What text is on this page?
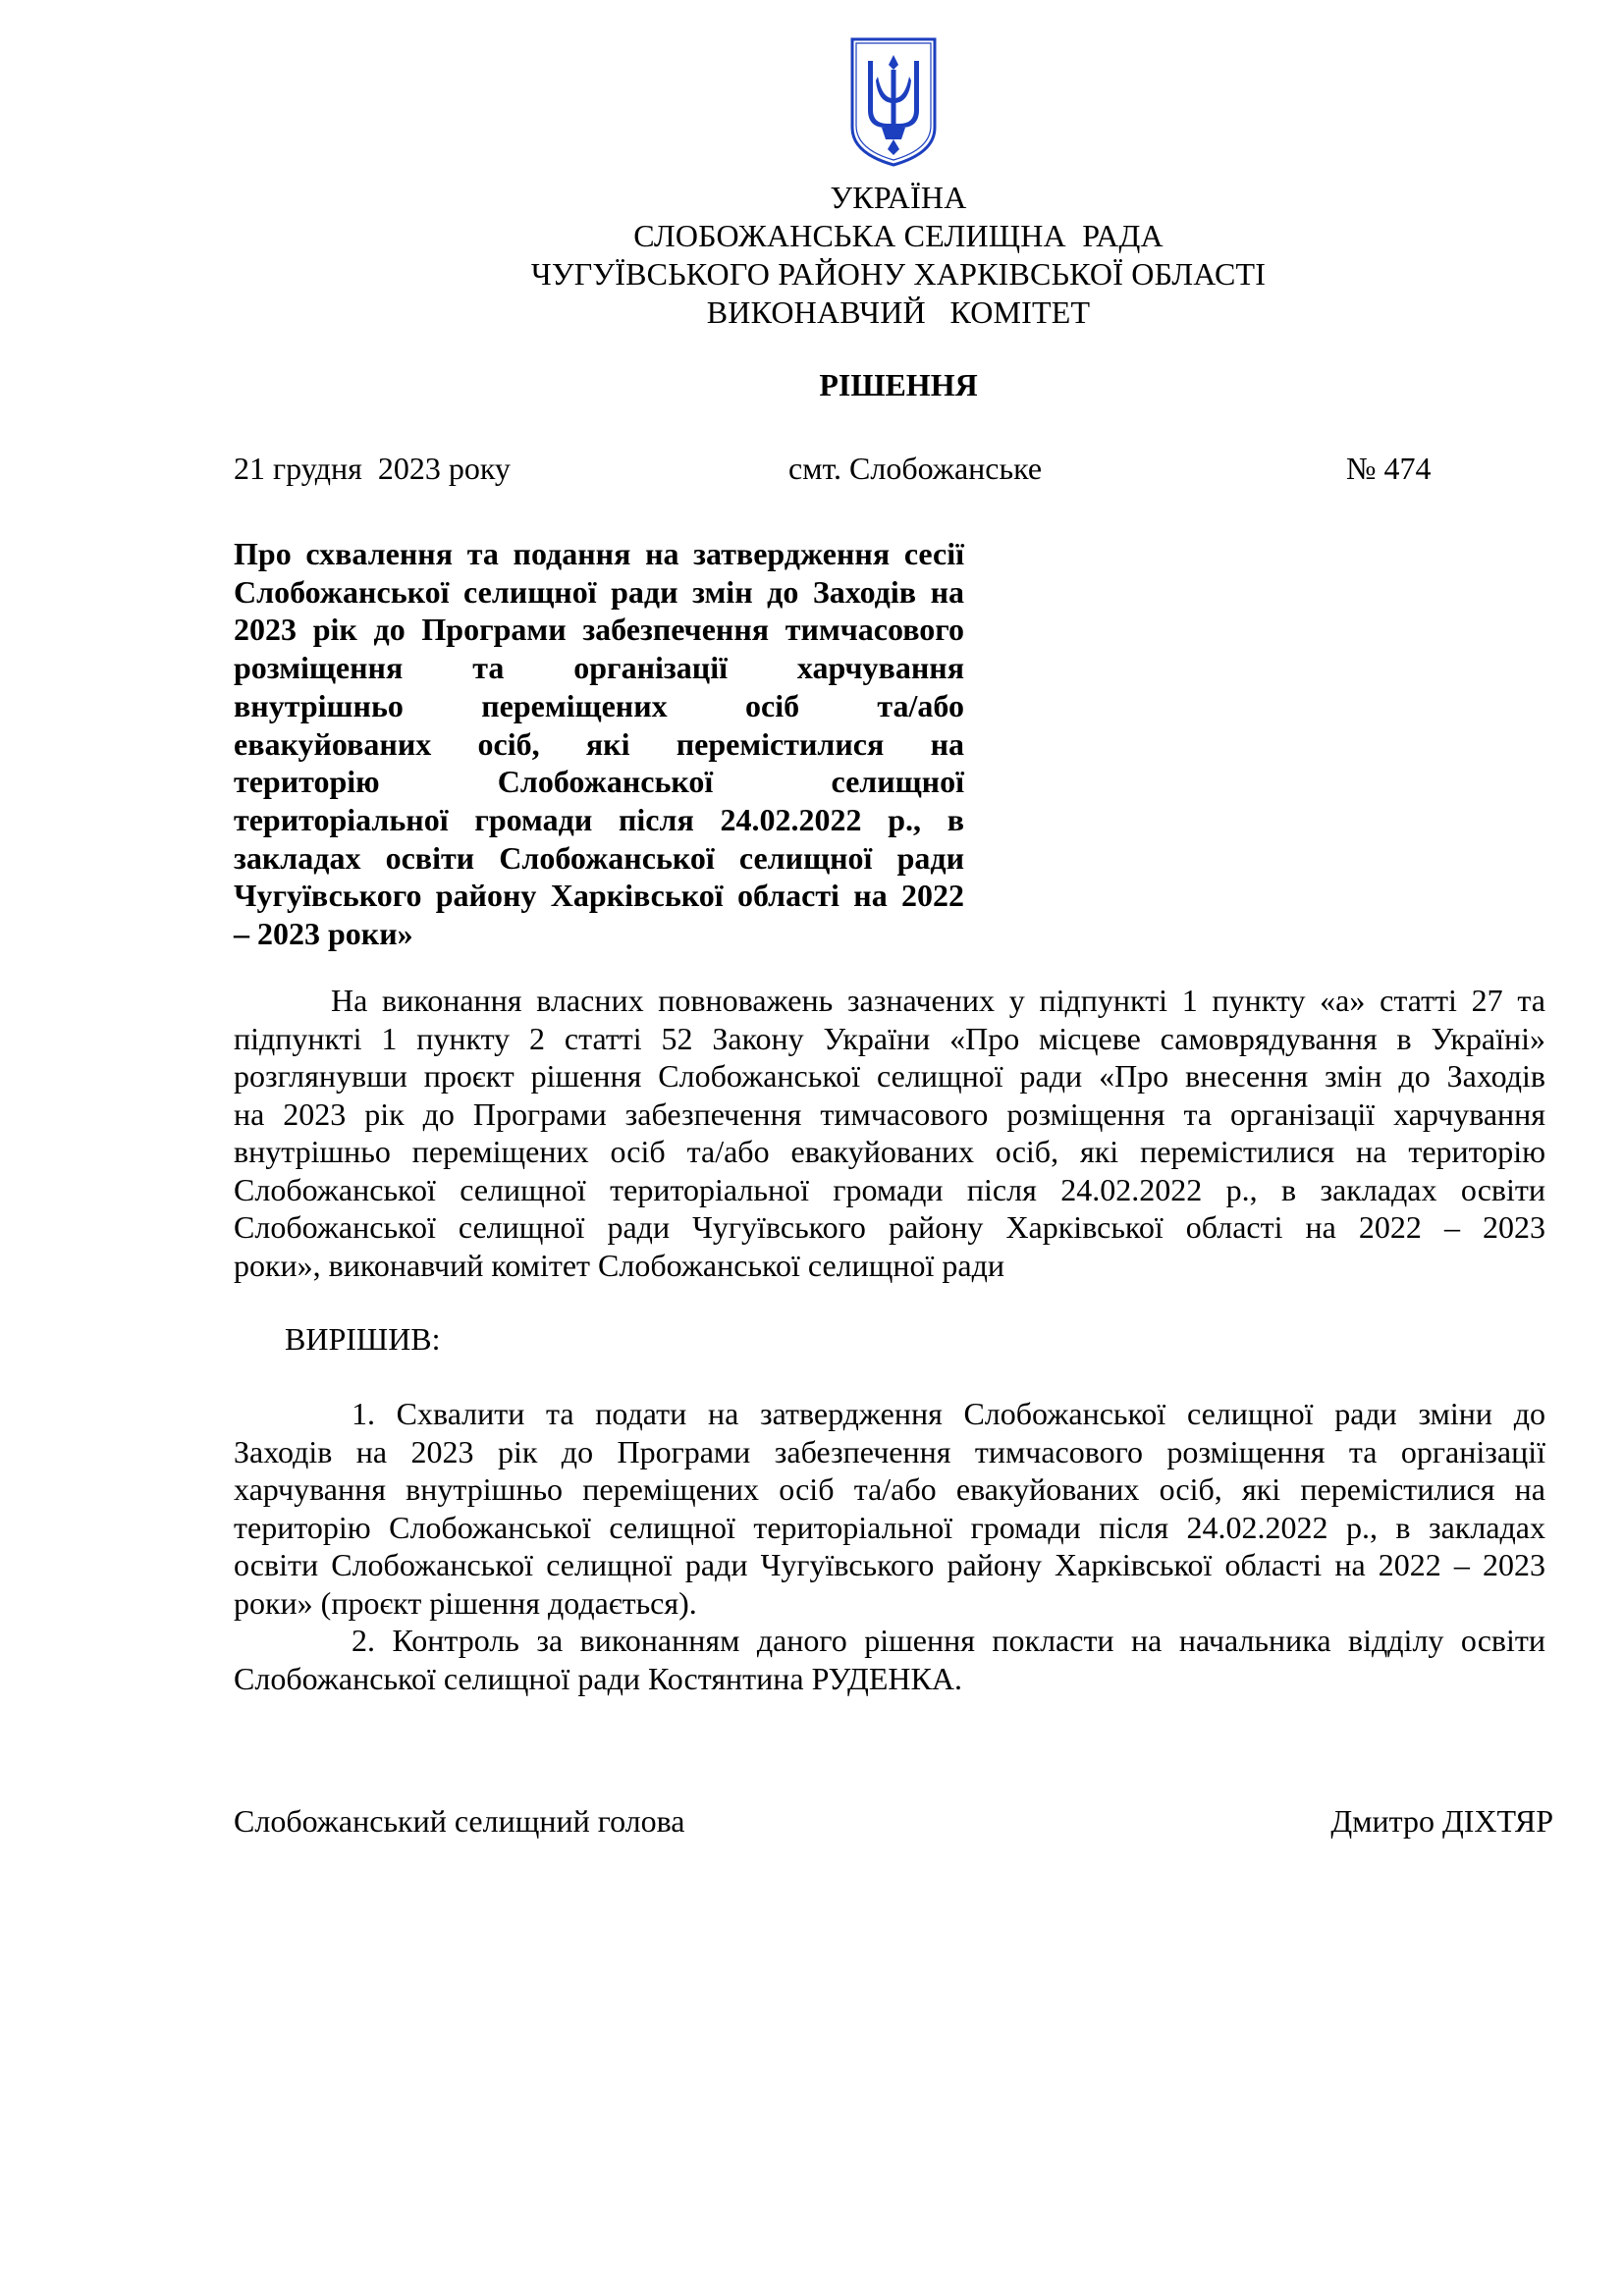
УКРАЇНА
СЛОБОЖАНСЬКА СЕЛИЩНА  РАДА
ЧУГУЇВСЬКОГО РАЙОНУ ХАРКІВСЬКОЇ ОБЛАСТІ
ВИКОНАВЧИЙ   КОМІТЕТ
РІШЕННЯ
21 грудня  2023 року	смт. Слобожанське	№ 474
Про схвалення та подання на затвердження сесії
Слобожанської селищної ради змін до Заходів на
2023 рік до Програми забезпечення тимчасового
розміщення та організації харчування
внутрішньо переміщених осіб та/або
евакуйованих осіб, які перемістилися на
територію Слобожанської селищної
територіальної громади після 24.02.2022 р., в
закладах освіти Слобожанської селищної ради
Чугуївського району Харківської області на 2022
– 2023 роки»
На виконання власних повноважень зазначених у підпункті 1 пункту «а» статті 27 та
підпункті 1 пункту 2 статті 52 Закону України «Про місцеве самоврядування в Україні»
розглянувши проєкт рішення Слобожанської селищної ради «Про внесення змін до Заходів
на 2023 рік до Програми забезпечення тимчасового розміщення та організації харчування
внутрішньо переміщених осіб та/або евакуйованих осіб, які перемістилися на територію
Слобожанської селищної територіальної громади після 24.02.2022 р., в закладах освіти
Слобожанської селищної ради Чугуївського району Харківської області на 2022 – 2023
роки», виконавчий комітет Слобожанської селищної ради
ВИРІШИВ:
1. Схвалити та подати на затвердження Слобожанської селищної ради зміни до
Заходів на 2023 рік до Програми забезпечення тимчасового розміщення та організації
харчування внутрішньо переміщених осіб та/або евакуйованих осіб, які перемістилися на
територію Слобожанської селищної територіальної громади після 24.02.2022 р., в закладах
освіти Слобожанської селищної ради Чугуївського району Харківської області на 2022 – 2023
роки» (проєкт рішення додається).
2. Контроль за виконанням даного рішення покласти на начальника відділу освіти
Слобожанської селищної ради Костянтина РУДЕНКА.
Слобожанський селищний голова	Дмитро ДІХТЯР
